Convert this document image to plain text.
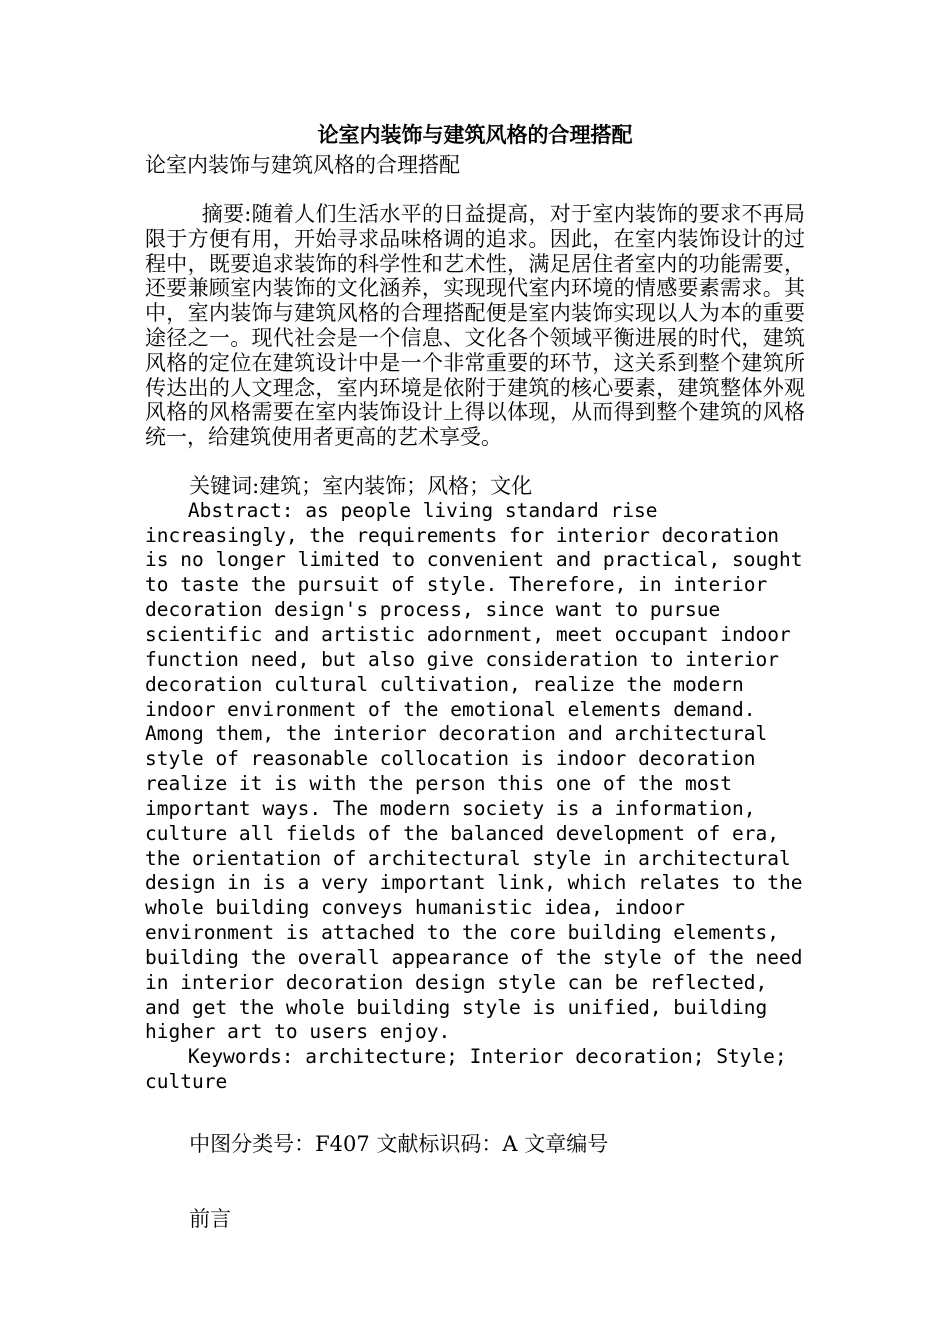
论室内装饰与建筑风格的合理搭配
论室内装饰与建筑风格的合理搭配

摘要:随着人们生活水平的日益提高，对于室内装饰的要求不再局限于方便有用，开始寻求品味格调的追求。因此，在室内装饰设计的过程中，既要追求装饰的科学性和艺术性，满足居住者室内的功能需要，还要兼顾室内装饰的文化涵养，实现现代室内环境的情感要素需求。其中，室内装饰与建筑风格的合理搭配便是室内装饰实现以人为本的重要途径之一。现代社会是一个信息、文化各个领域平衡进展的时代，建筑风格的定位在建筑设计中是一个非常重要的环节，这关系到整个建筑所传达出的人文理念，室内环境是依附于建筑的核心要素，建筑整体外观风格的风格需要在室内装饰设计上得以体现，从而得到整个建筑的风格统一，给建筑使用者更高的艺术享受。

关键词:建筑；室内装饰；风格；文化

Abstract: as people living standard rise increasingly, the requirements for interior decoration is no longer limited to convenient and practical, sought to taste the pursuit of style. Therefore, in interior decoration design's process, since want to pursue scientific and artistic adornment, meet occupant indoor function need, but also give consideration to interior decoration cultural cultivation, realize the modern indoor environment of the emotional elements demand. Among them, the interior decoration and architectural style of reasonable collocation is indoor decoration realize it is with the person this one of the most important ways. The modern society is a information, culture all fields of the balanced development of era, the orientation of architectural style in architectural design in is a very important link, which relates to the whole building conveys humanistic idea, indoor environment is attached to the core building elements, building the overall appearance of the style of the need in interior decoration design style can be reflected, and get the whole building style is unified, building higher art to users enjoy.

Keywords: architecture; Interior decoration; Style; culture

中图分类号：F407 文献标识码：A 文章编号

前言
